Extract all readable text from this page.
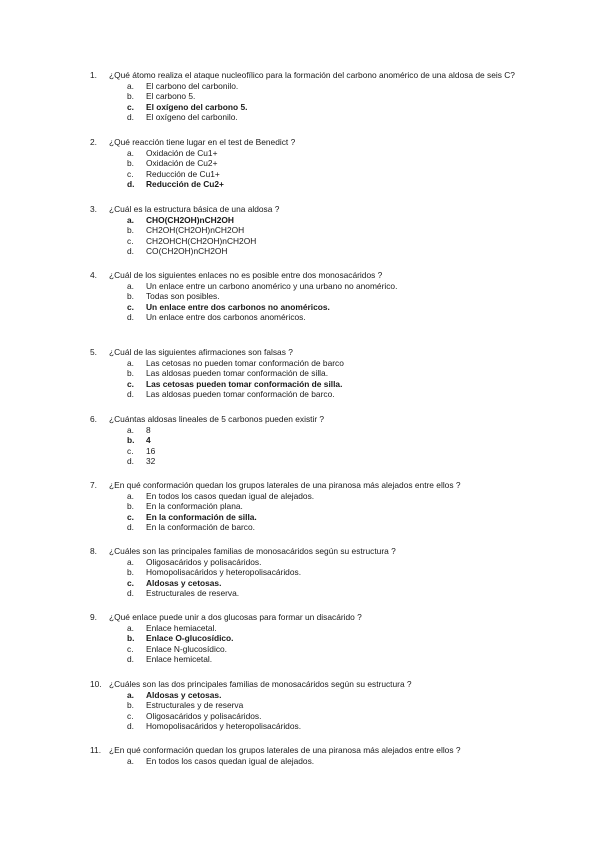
1.	¿Qué átomo realiza el ataque nucleofílico para la formación del carbono anomérico de una aldosa de seis C?
a.	El carbono del carbonilo.
b.	El carbono 5.
c.	El oxígeno del carbono 5.
d.	El oxígeno del carbonilo.
2.	¿Qué reacción tiene lugar en el test de Benedict ?
a.	Oxidación de Cu1+
b.	Oxidación de Cu2+
c.	Reducción de Cu1+
d.	Reducción de Cu2+
3.	¿Cuál es la estructura básica de una aldosa ?
a.	CHO(CH2OH)nCH2OH
b.	CH2OH(CH2OH)nCH2OH
c.	CH2OHCH(CH2OH)nCH2OH
d.	CO(CH2OH)nCH2OH
4.	¿Cuál de los siguientes enlaces no es posible entre dos monosacáridos ?
a.	Un enlace entre un carbono anomérico y una urbano no anomérico.
b.	Todas son posibles.
c.	Un enlace entre dos carbonos no anoméricos.
d.	Un enlace entre dos carbonos anoméricos.
5.	¿Cuál de las siguientes afirmaciones son falsas ?
a.	Las cetosas no pueden tomar conformación de barco
b.	Las aldosas pueden tomar conformación de silla.
c.	Las cetosas pueden tomar conformación de silla.
d.	Las aldosas pueden tomar conformación de barco.
6.	¿Cuántas aldosas lineales de 5 carbonos pueden existir ?
a.	8
b.	4
c.	16
d.	32
7.	¿En qué conformación quedan los grupos laterales de una piranosa más alejados entre ellos ?
a.	En todos los casos quedan igual de alejados.
b.	En la conformación plana.
c.	En la conformación de silla.
d.	En la conformación de barco.
8.	¿Cuáles son las principales familias de monosacáridos según su estructura ?
a.	Oligosacáridos y polisacáridos.
b.	Homopolisacáridos y heteropolisacáridos.
c.	Aldosas y cetosas.
d.	Estructurales de reserva.
9.	¿Qué enlace puede unir a dos glucosas para formar un disacárido ?
a.	Enlace hemiacetal.
b.	Enlace O-glucosídico.
c.	Enlace N-glucosídico.
d.	Enlace hemicetal.
10. ¿Cuáles son las dos principales familias de monosacáridos según su estructura ?
a.	Aldosas y cetosas.
b.	Estructurales y de reserva
c.	Oligosacáridos y polisacáridos.
d.	Homopolisacáridos y heteropolisacáridos.
11. ¿En qué conformación quedan los grupos laterales de una piranosa más alejados entre ellos ?
a.	En todos los casos quedan igual de alejados.
